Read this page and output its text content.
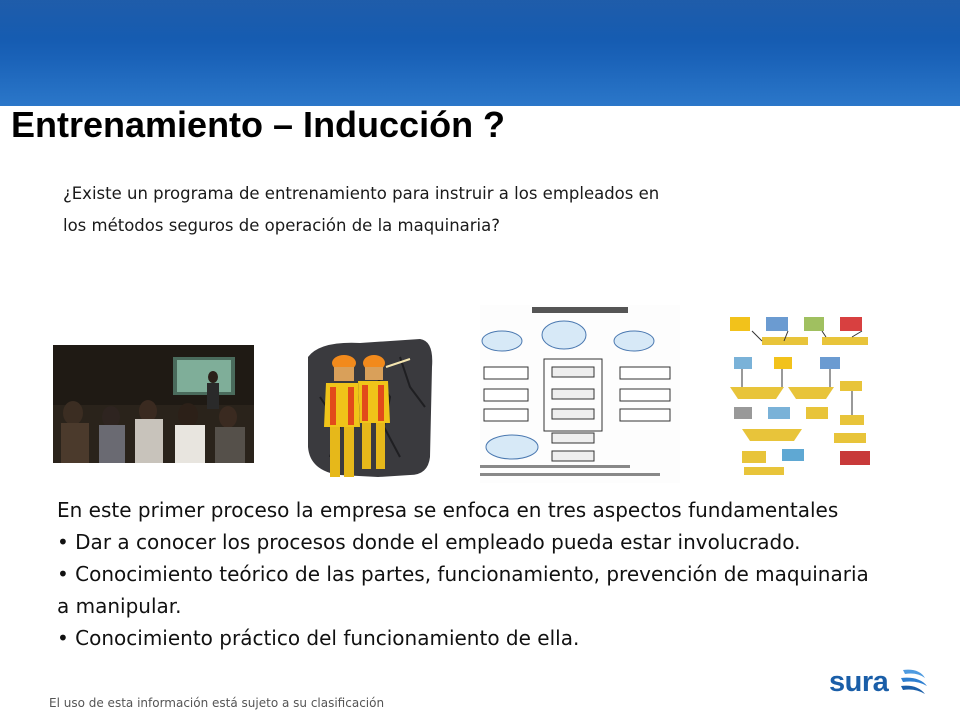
Entrenamiento – Inducción ?

¿Existe un programa de entrenamiento para instruir a los empleados en los métodos seguros de operación de la maquinaria?

En este primer proceso la empresa se enfoca en tres aspectos fundamentales

• Dar a conocer los procesos donde el empleado pueda estar involucrado.

• Conocimiento teórico de las partes, funcionamiento, prevención de maquinaria a manipular.

• Conocimiento práctico del funcionamiento de ella.

El uso de esta información está sujeto a su clasificación
sura
